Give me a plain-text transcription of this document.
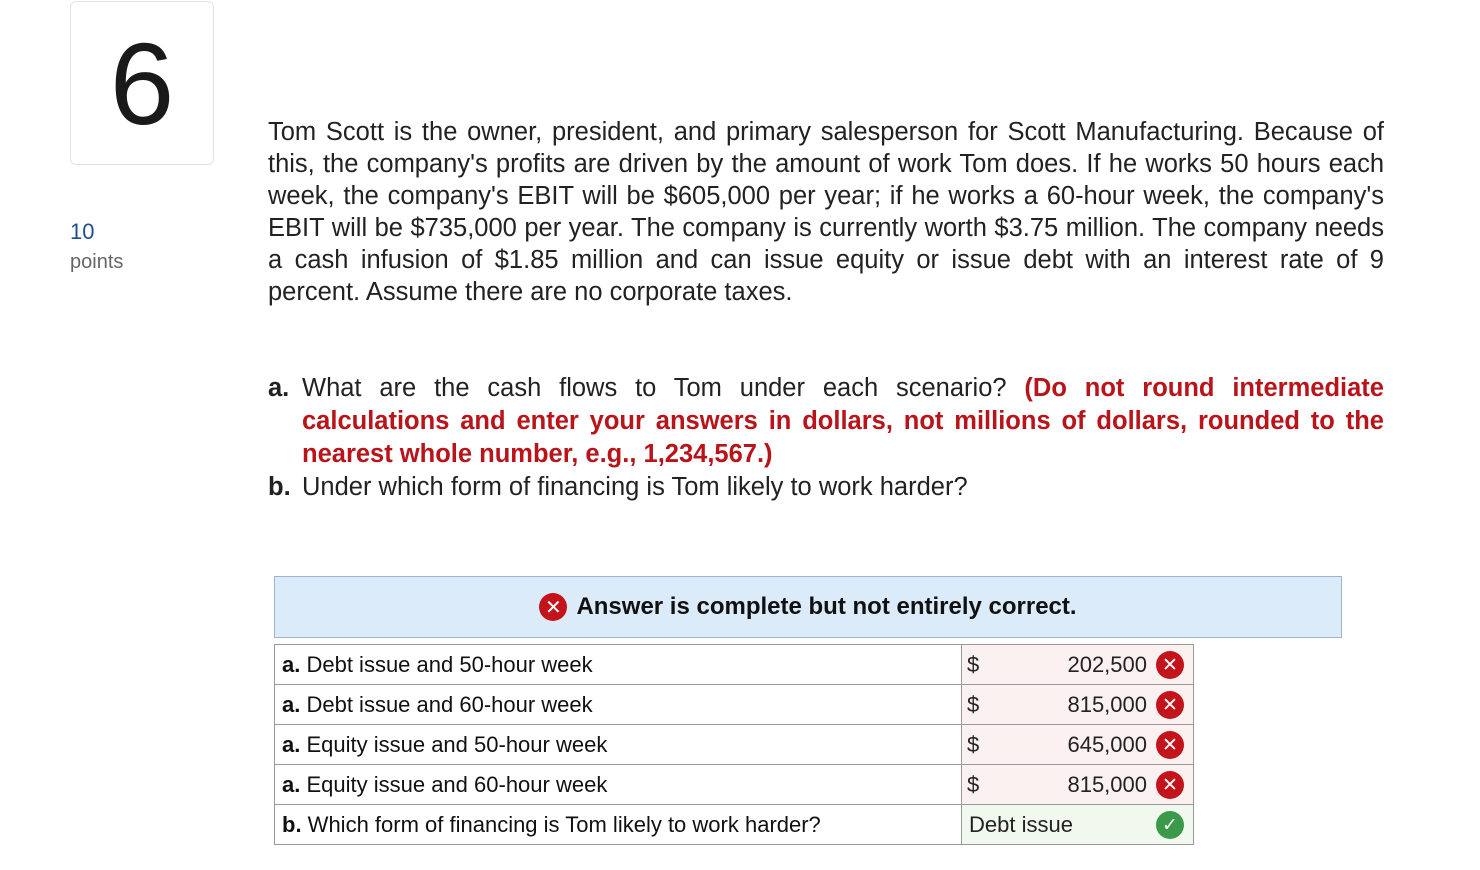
6
10
points

Tom Scott is the owner, president, and primary salesperson for Scott Manufacturing. Because of this, the company's profits are driven by the amount of work Tom does. If he works 50 hours each week, the company's EBIT will be $605,000 per year; if he works a 60-hour week, the company's EBIT will be $735,000 per year. The company is currently worth $3.75 million. The company needs a cash infusion of $1.85 million and can issue equity or issue debt with an interest rate of 9 percent. Assume there are no corporate taxes.

a. What are the cash flows to Tom under each scenario? (Do not round intermediate calculations and enter your answers in dollars, not millions of dollars, rounded to the nearest whole number, e.g., 1,234,567.)
b. Under which form of financing is Tom likely to work harder?
✕ Answer is complete but not entirely correct.
a. Debt issue and 50-hour week	$ 202,500 ✕

a. Debt issue and 60-hour week	$ 815,000 ✕

a. Equity issue and 50-hour week	$ 645,000 ✕

a. Equity issue and 60-hour week	$ 815,000 ✕

b. Which form of financing is Tom likely to work harder?	Debt issue ✓
